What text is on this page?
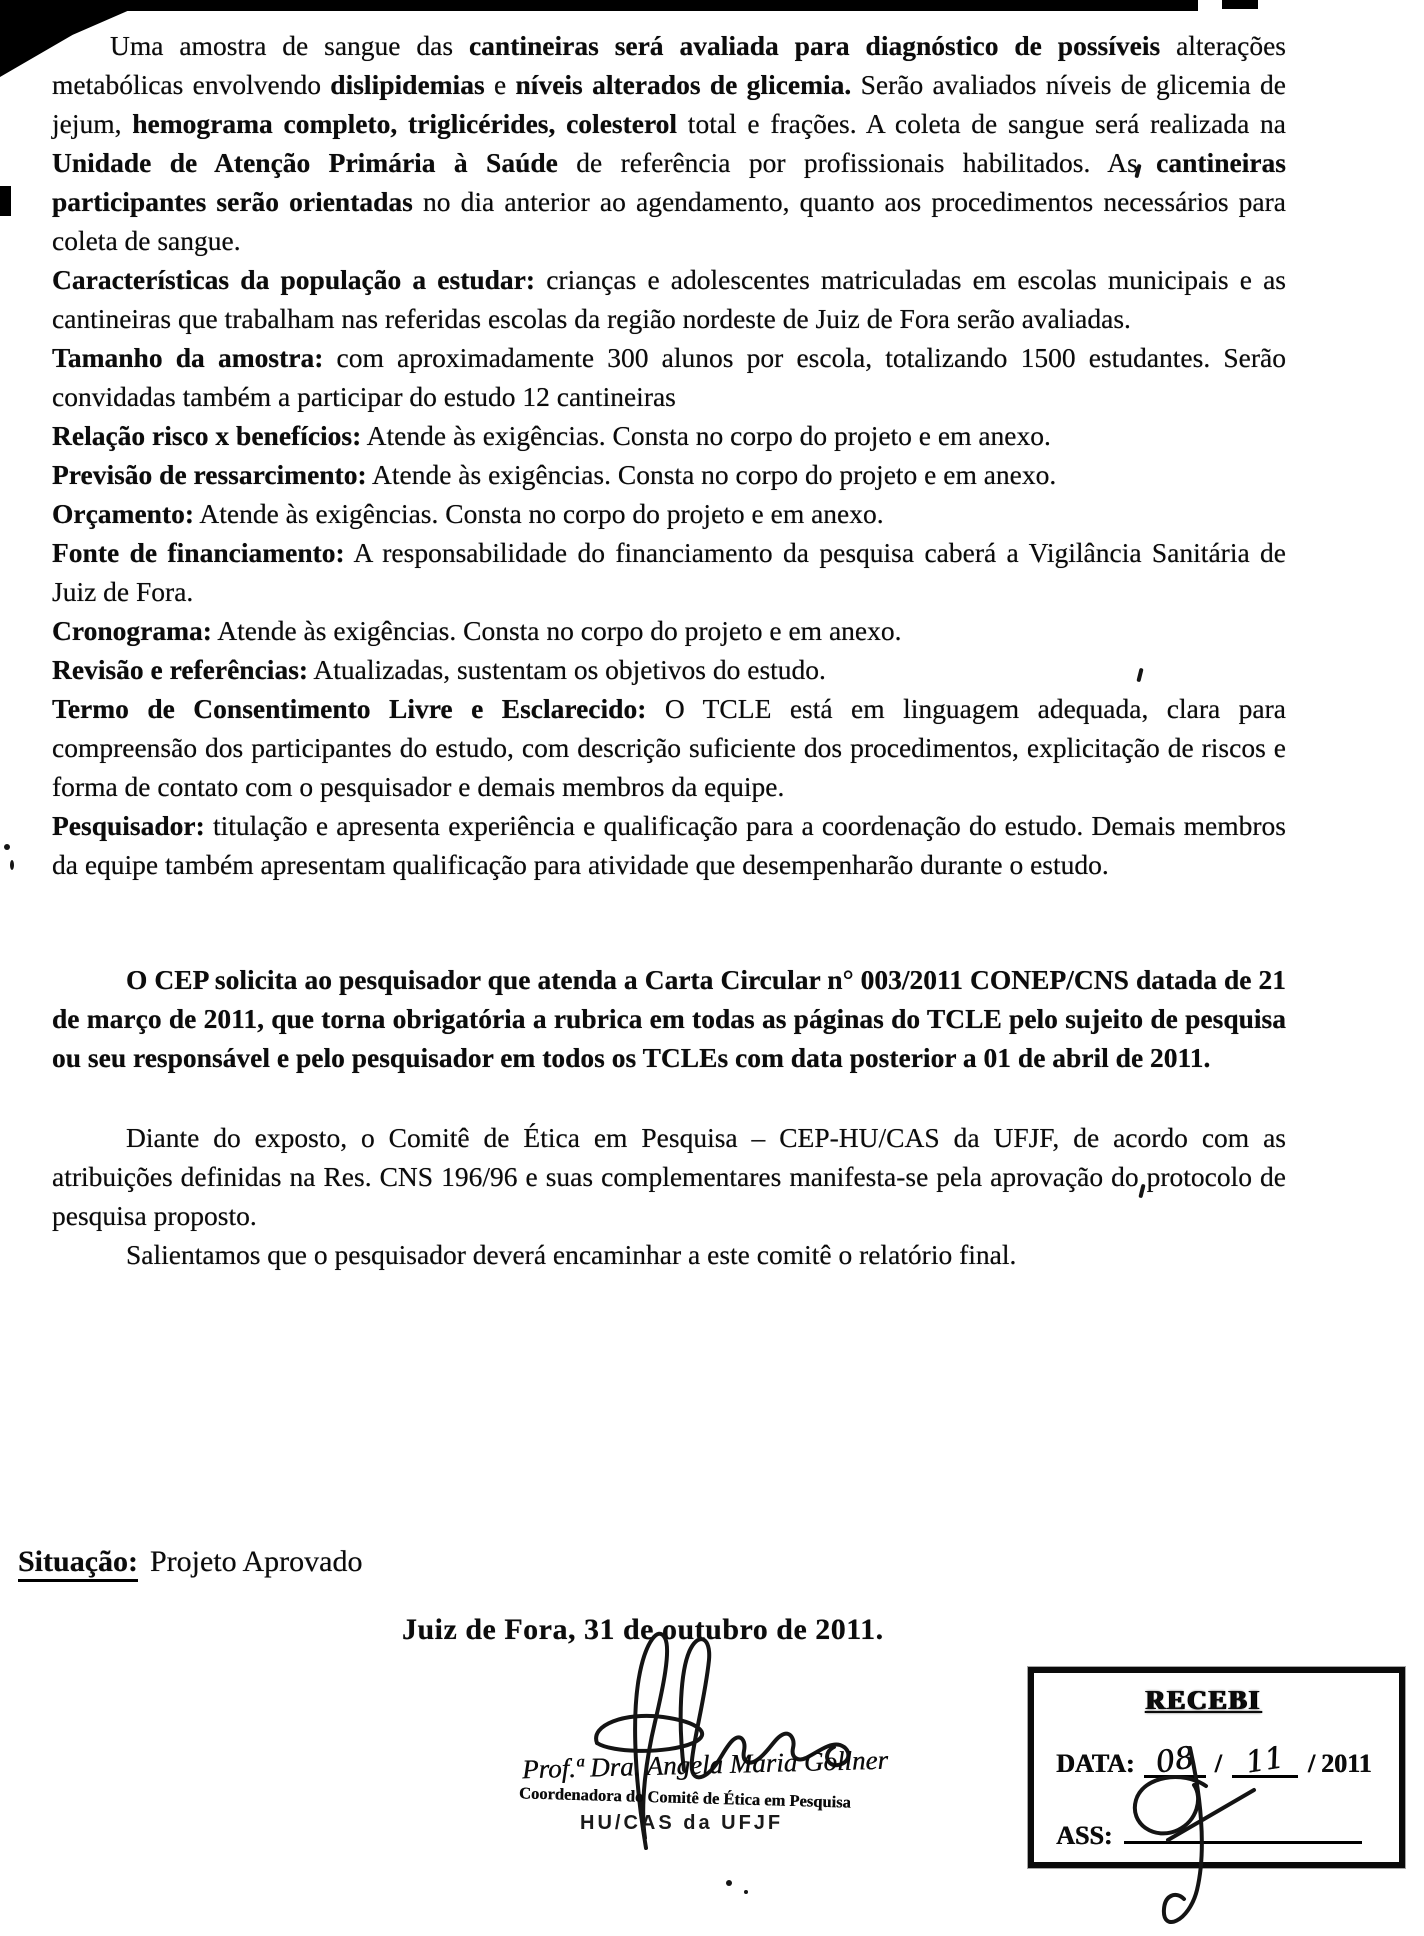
Uma amostra de sangue das cantineiras será avaliada para diagnóstico de possíveis alterações metabólicas envolvendo dislipidemias e níveis alterados de glicemia. Serão avaliados níveis de glicemia de jejum, hemograma completo, triglicérides, colesterol total e frações. A coleta de sangue será realizada na Unidade de Atenção Primária à Saúde de referência por profissionais habilitados. As cantineiras participantes serão orientadas no dia anterior ao agendamento, quanto aos procedimentos necessários para coleta de sangue.

Características da população a estudar: crianças e adolescentes matriculadas em escolas municipais e as cantineiras que trabalham nas referidas escolas da região nordeste de Juiz de Fora serão avaliadas.

Tamanho da amostra: com aproximadamente 300 alunos por escola, totalizando 1500 estudantes. Serão convidadas também a participar do estudo 12 cantineiras

Relação risco x benefícios: Atende às exigências. Consta no corpo do projeto e em anexo.

Previsão de ressarcimento: Atende às exigências. Consta no corpo do projeto e em anexo.

Orçamento: Atende às exigências. Consta no corpo do projeto e em anexo.

Fonte de financiamento: A responsabilidade do financiamento da pesquisa caberá a Vigilância Sanitária de Juiz de Fora.

Cronograma: Atende às exigências. Consta no corpo do projeto e em anexo.

Revisão e referências: Atualizadas, sustentam os objetivos do estudo.

Termo de Consentimento Livre e Esclarecido: O TCLE está em linguagem adequada, clara para compreensão dos participantes do estudo, com descrição suficiente dos procedimentos, explicitação de riscos e forma de contato com o pesquisador e demais membros da equipe.

Pesquisador: titulação e apresenta experiência e qualificação para a coordenação do estudo. Demais membros da equipe também apresentam qualificação para atividade que desempenharão durante o estudo.

O CEP solicita ao pesquisador que atenda a Carta Circular n° 003/2011 CONEP/CNS datada de 21 de março de 2011, que torna obrigatória a rubrica em todas as páginas do TCLE pelo sujeito de pesquisa ou seu responsável e pelo pesquisador em todos os TCLEs com data posterior a 01 de abril de 2011.

Diante do exposto, o Comitê de Ética em Pesquisa – CEP-HU/CAS da UFJF, de acordo com as atribuições definidas na Res. CNS 196/96 e suas complementares manifesta-se pela aprovação do protocolo de pesquisa proposto.

Salientamos que o pesquisador deverá encaminhar a este comitê o relatório final.

Situação: Projeto Aprovado
Juiz de Fora, 31 de outubro de 2011.
Prof.ª Dra. Angela Maria Gollner
Coordenadora do Comitê de Ética em Pesquisa
HU/CAS da UFJF
RECEBI
DATA: 08 / 11 / 2011
ASS:
